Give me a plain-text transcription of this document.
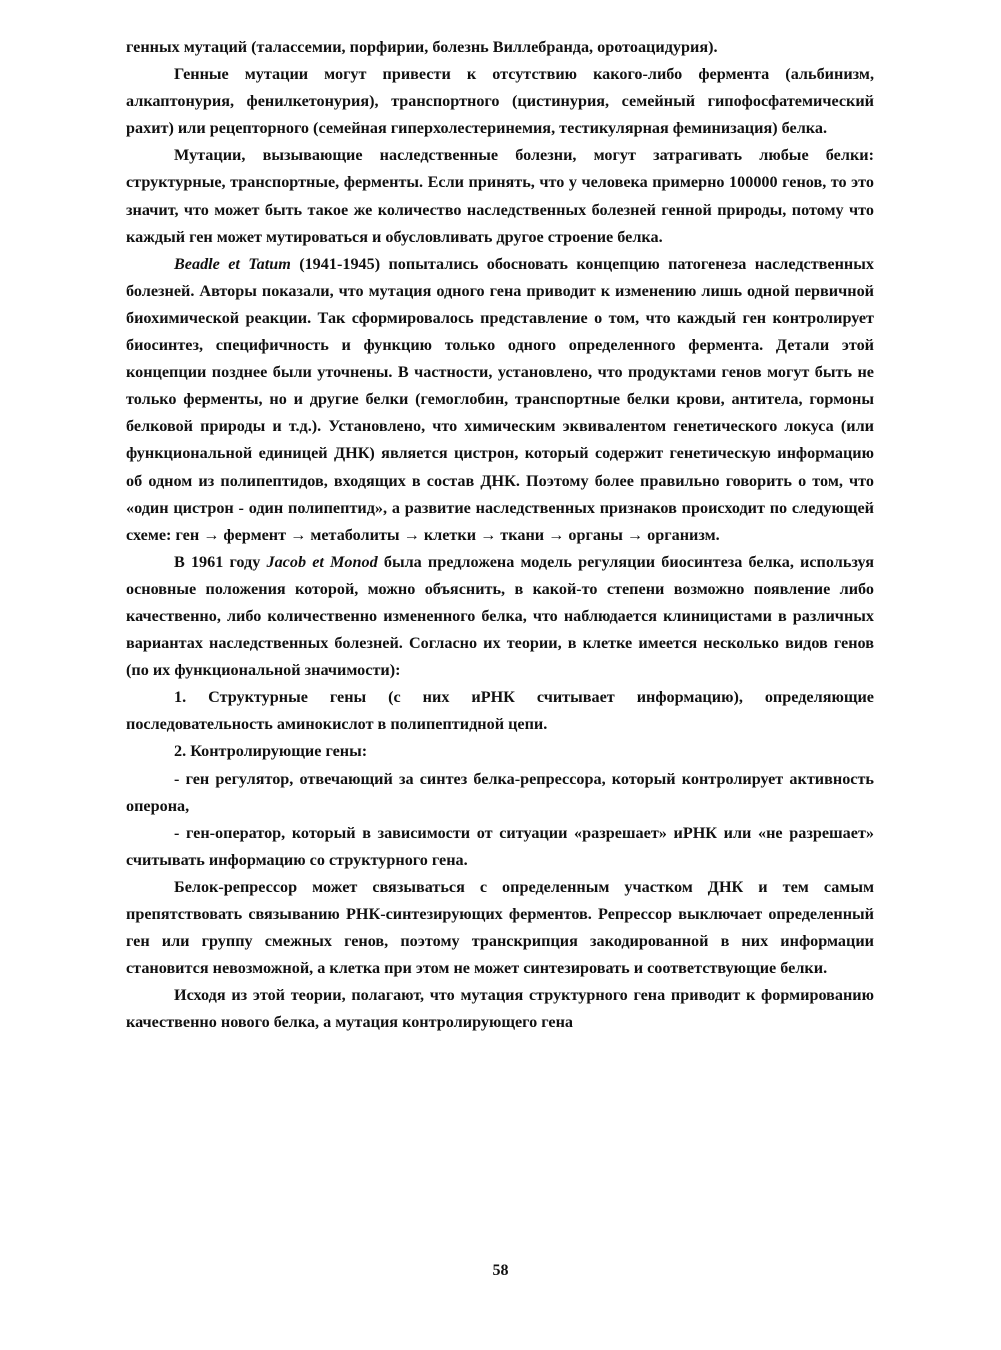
генных мутаций (талассемии, порфирии, болезнь Виллебранда, оротоацидурия).

Генные мутации могут привести к отсутствию какого-либо фермента (альбинизм, алкаптонурия, фенилкетонурия), транспортного (цистинурия, семейный гипофосфатемический рахит) или рецепторного (семейная гиперхолестеринемия, тестикулярная феминизация) белка.

Мутации, вызывающие наследственные болезни, могут затрагивать любые белки: структурные, транспортные, ферменты. Если принять, что у человека примерно 100000 генов, то это значит, что может быть такое же количество наследственных болезней генной природы, потому что каждый ген может мутироваться и обусловливать другое строение белка.

Beadle et Tatum (1941-1945) попытались обосновать концепцию патогенеза наследственных болезней. Авторы показали, что мутация одного гена приводит к изменению лишь одной первичной биохимической реакции. Так сформировалось представление о том, что каждый ген контролирует биосинтез, специфичность и функцию только одного определенного фермента. Детали этой концепции позднее были уточнены. В частности, установлено, что продуктами генов могут быть не только ферменты, но и другие белки (гемоглобин, транспортные белки крови, антитела, гормоны белковой природы и т.д.). Установлено, что химическим эквивалентом генетического локуса (или функциональной единицей ДНК) является цистрон, который содержит генетическую информацию об одном из полипептидов, входящих в состав ДНК. Поэтому более правильно говорить о том, что «один цистрон - один полипептид», а развитие наследственных признаков происходит по следующей схеме: ген → фермент → метаболиты → клетки → ткани → органы → организм.

В 1961 году Jacob et Monod была предложена модель регуляции биосинтеза белка, используя основные положения которой, можно объяснить, в какой-то степени возможно появление либо качественно, либо количественно измененного белка, что наблюдается клиницистами в различных вариантах наследственных болезней. Согласно их теории, в клетке имеется несколько видов генов (по их функциональной значимости):

1. Структурные гены (с них иРНК считывает информацию), определяющие последовательность аминокислот в полипептидной цепи.

2. Контролирующие гены:

- ген регулятор, отвечающий за синтез белка-репрессора, который контролирует активность оперона,

- ген-оператор, который в зависимости от ситуации «разрешает» иРНК или «не разрешает» считывать информацию со структурного гена.

Белок-репрессор может связываться с определенным участком ДНК и тем самым препятствовать связыванию РНК-синтезирующих ферментов. Репрессор выключает определенный ген или группу смежных генов, поэтому транскрипция закодированной в них информации становится невозможной, а клетка при этом не может синтезировать и соответствующие белки.

Исходя из этой теории, полагают, что мутация структурного гена приводит к формированию качественно нового белка, а мутация контролирующего гена

58
